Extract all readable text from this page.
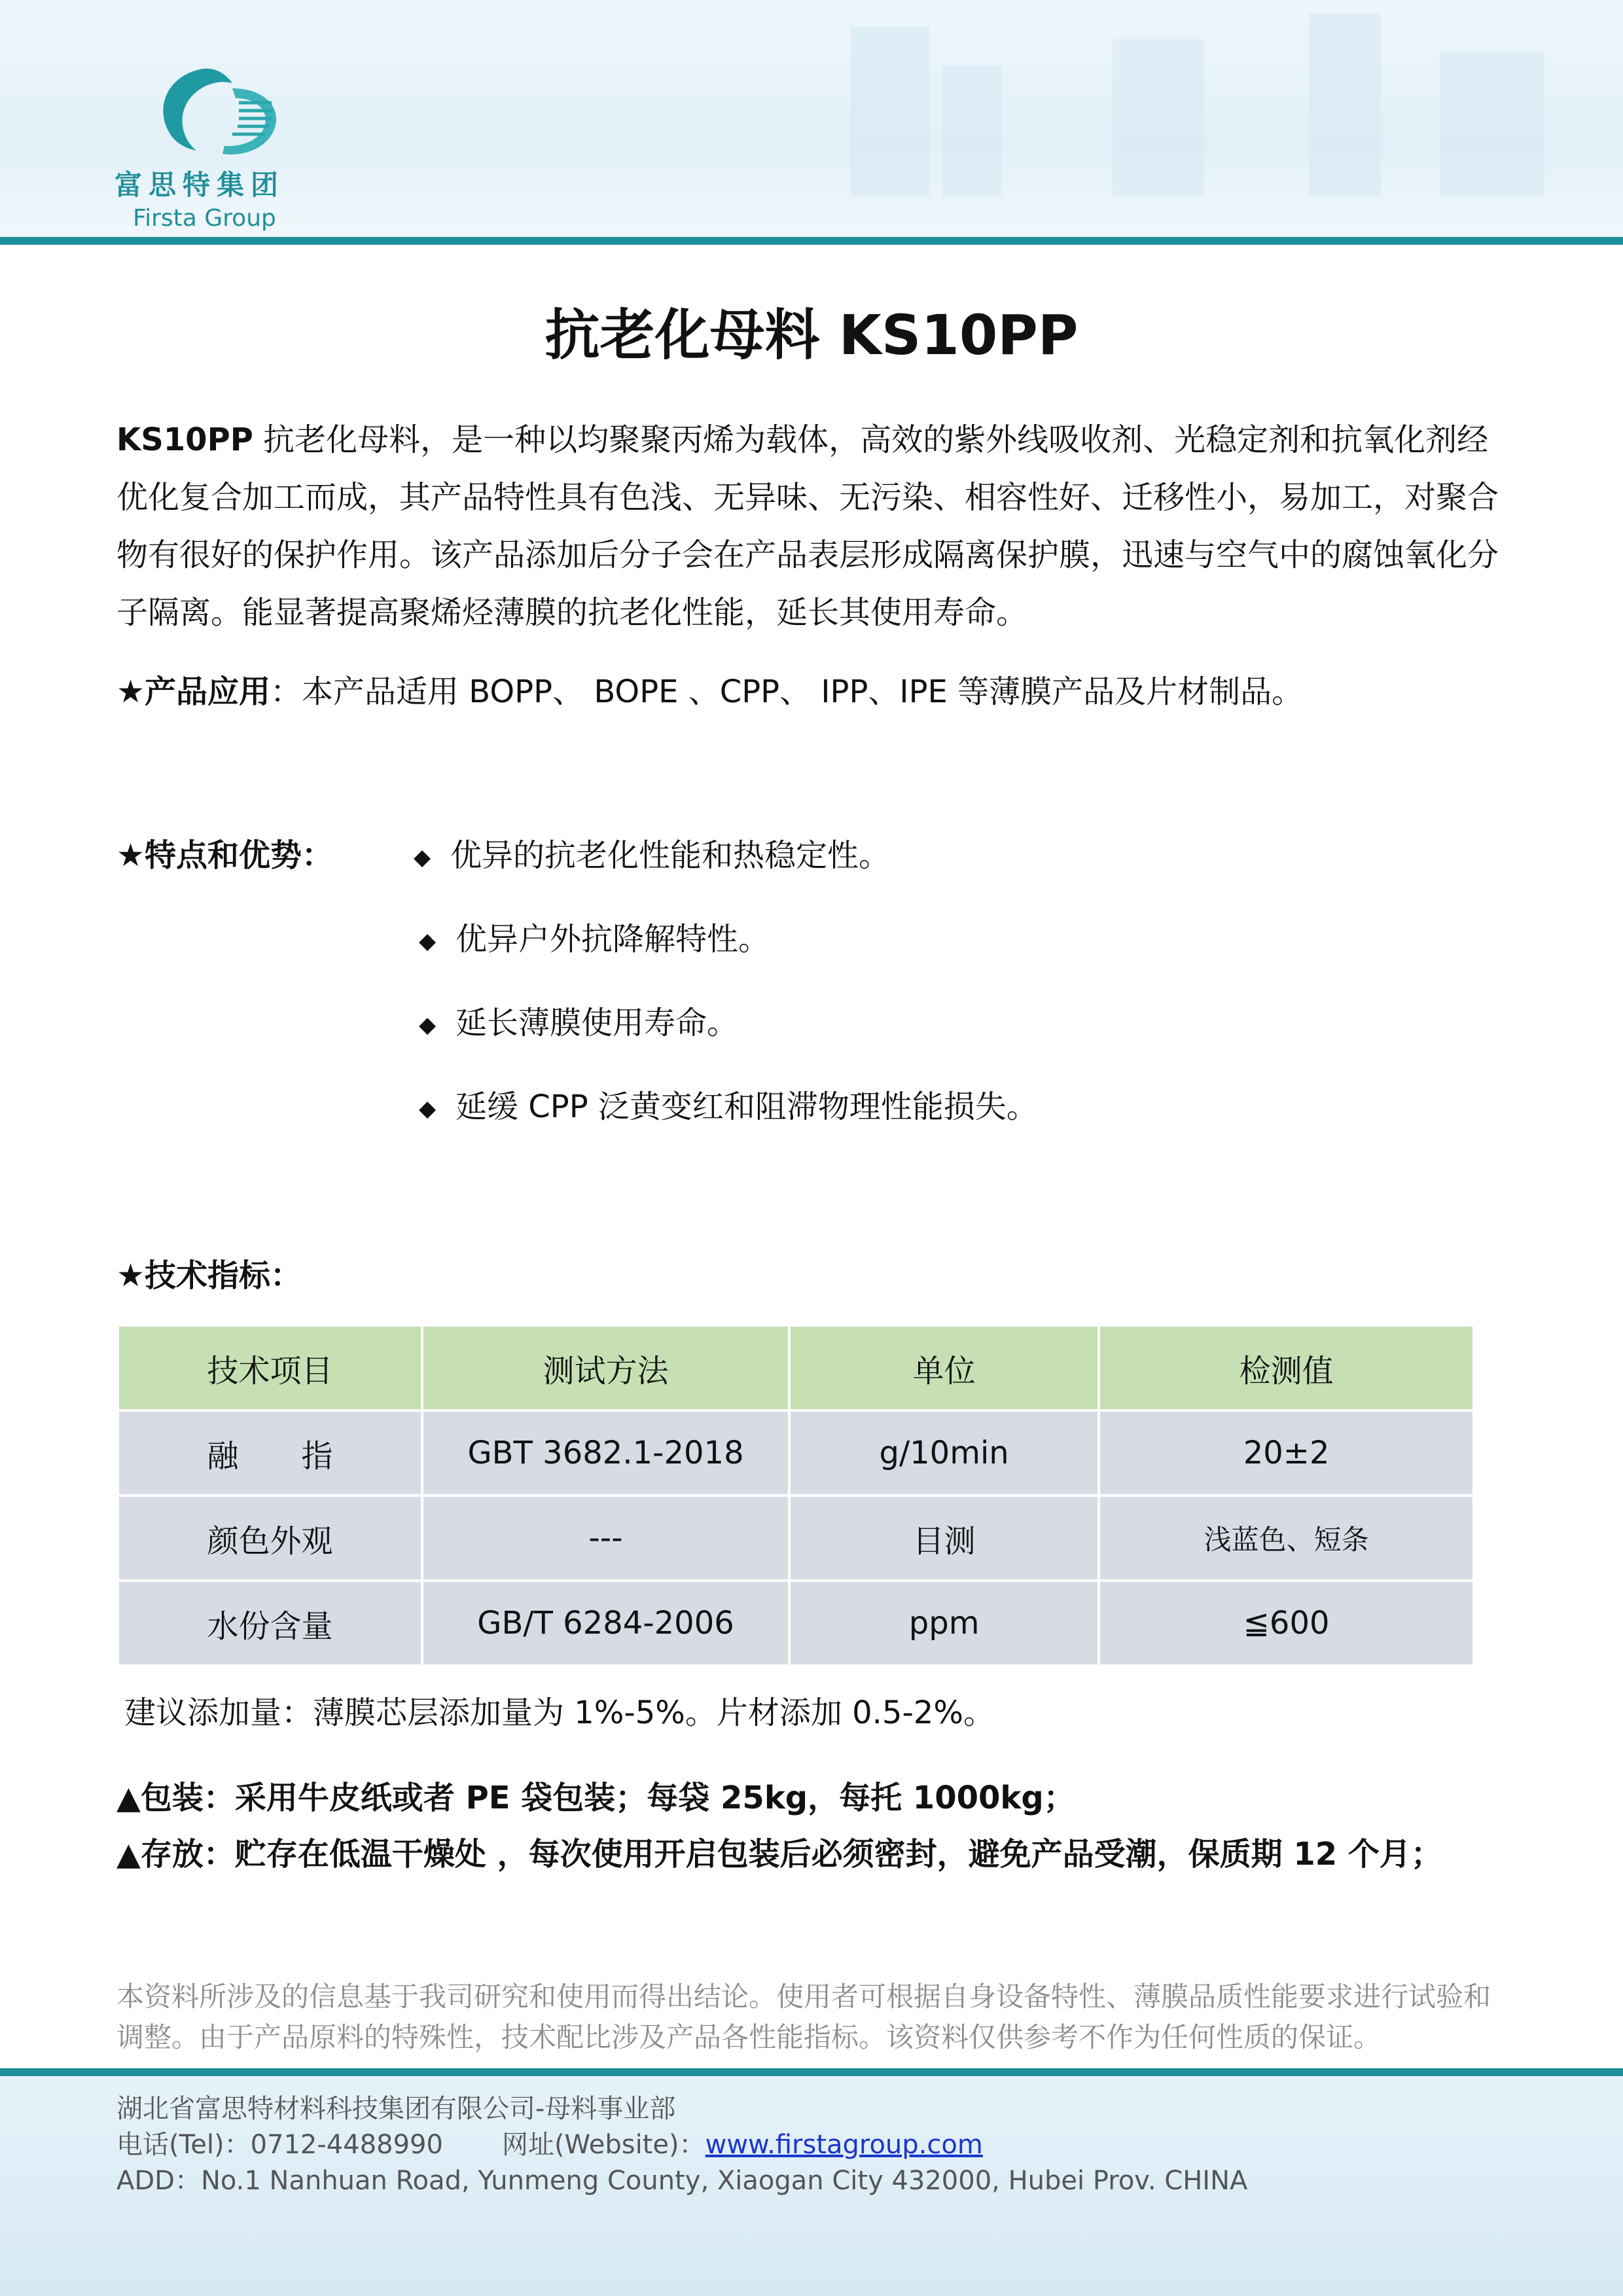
富思特集团
Firsta Group
抗老化母料 KS10PP
KS10PP 抗老化母料，是一种以均聚聚丙烯为载体，高效的紫外线吸收剂、光稳定剂和抗氧化剂经优化复合加工而成，其产品特性具有色浅、无异味、无污染、相容性好、迁移性小，易加工，对聚合物有很好的保护作用。该产品添加后分子会在产品表层形成隔离保护膜，迅速与空气中的腐蚀氧化分子隔离。能显著提高聚烯烃薄膜的抗老化性能，延长其使用寿命。
★产品应用：本产品适用 BOPP、 BOPE 、CPP、 IPP、IPE 等薄膜产品及片材制品。
★特点和优势：	◆ 优异的抗老化性能和热稳定性。
◆ 优异户外抗降解特性。
◆ 延长薄膜使用寿命。
◆ 延缓 CPP 泛黄变红和阻滞物理性能损失。
★技术指标：
技术项目	测试方法	单位	检测值
融　　指	GBT 3682.1-2018	g/10min	20±2
颜色外观	---	目测	浅蓝色、短条
水份含量	GB/T 6284-2006	ppm	≦600
建议添加量：薄膜芯层添加量为 1%-5%。片材添加 0.5-2%。
▲包装：采用牛皮纸或者 PE 袋包装；每袋 25kg，每托 1000kg；
▲存放：贮存在低温干燥处 ，每次使用开启包装后必须密封，避免产品受潮，保质期 12 个月；
本资料所涉及的信息基于我司研究和使用而得出结论。使用者可根据自身设备特性、薄膜品质性能要求进行试验和调整。由于产品原料的特殊性，技术配比涉及产品各性能指标。该资料仅供参考不作为任何性质的保证。
湖北省富思特材料科技集团有限公司-母料事业部
电话(Tel)：0712-4488990 网址(Website)：www.firstagroup.com
ADD：No.1 Nanhuan Road, Yunmeng County, Xiaogan City 432000, Hubei Prov. CHINA
